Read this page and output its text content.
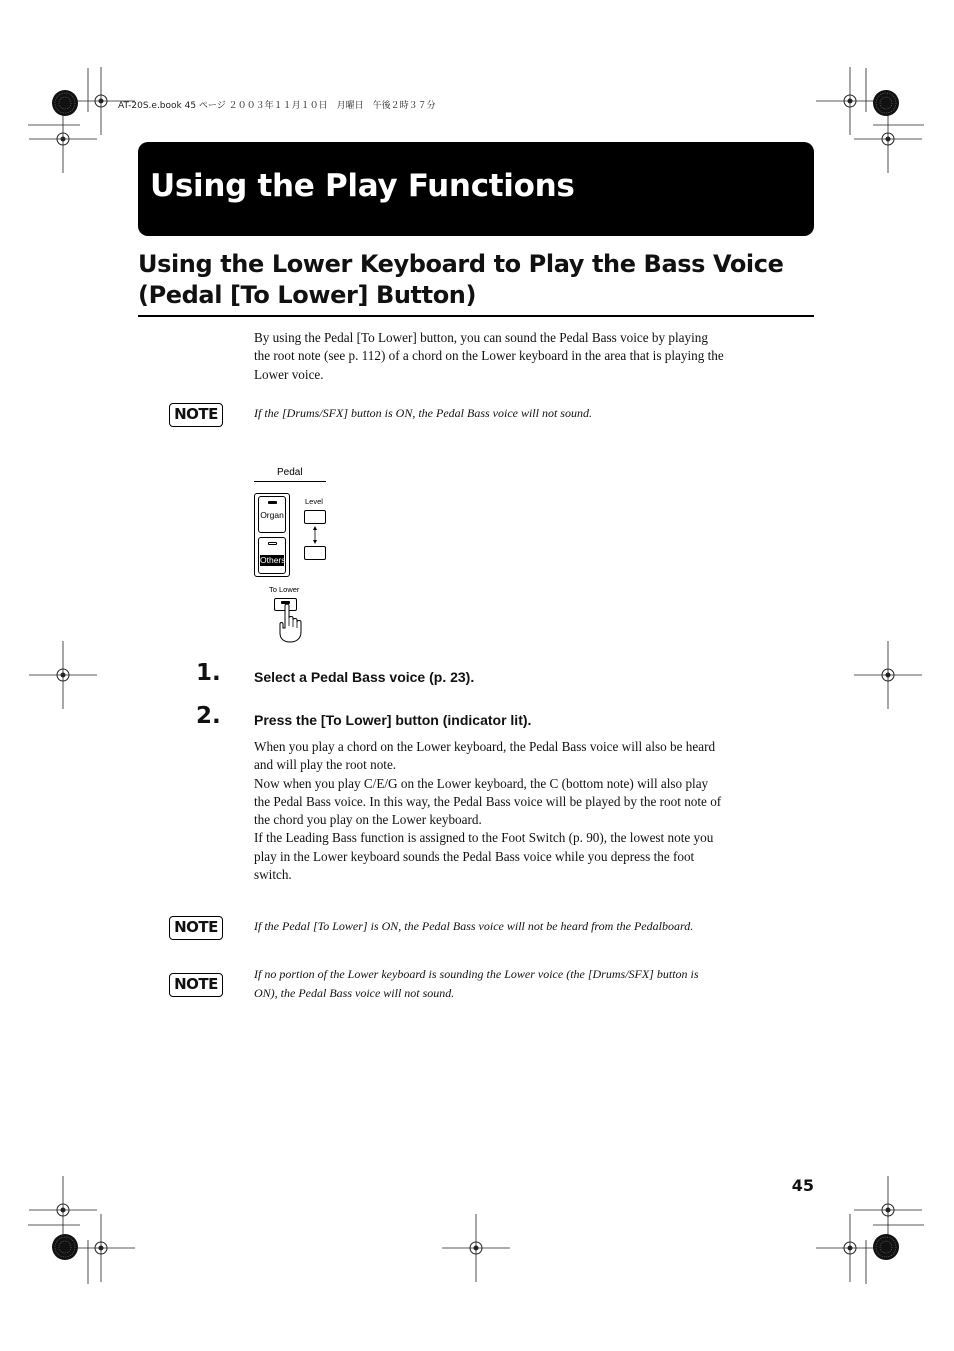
AT-20S.e.book 45 ページ ２００３年１１月１０日　月曜日　午後２時３７分
Using the Play Functions
Using the Lower Keyboard to Play the Bass Voice
(Pedal [To Lower] Button)
By using the Pedal [To Lower] button, you can sound the Pedal Bass voice by playing
the root note (see p. 112) of a chord on the Lower keyboard in the area that is playing the
Lower voice.
NOTE	If the [Drums/SFX] button is ON, the Pedal Bass voice will not sound.
Pedal
Organ
Others
Level
To Lower
1. Select a Pedal Bass voice (p. 23).
2. Press the [To Lower] button (indicator lit).
When you play a chord on the Lower keyboard, the Pedal Bass voice will also be heard
and will play the root note.
Now when you play C/E/G on the Lower keyboard, the C (bottom note) will also play
the Pedal Bass voice. In this way, the Pedal Bass voice will be played by the root note of
the chord you play on the Lower keyboard.
If the Leading Bass function is assigned to the Foot Switch (p. 90), the lowest note you
play in the Lower keyboard sounds the Pedal Bass voice while you depress the foot
switch.
NOTE	If the Pedal [To Lower] is ON, the Pedal Bass voice will not be heard from the Pedalboard.
NOTE
If no portion of the Lower keyboard is sounding the Lower voice (the [Drums/SFX] button is
ON), the Pedal Bass voice will not sound.
45
